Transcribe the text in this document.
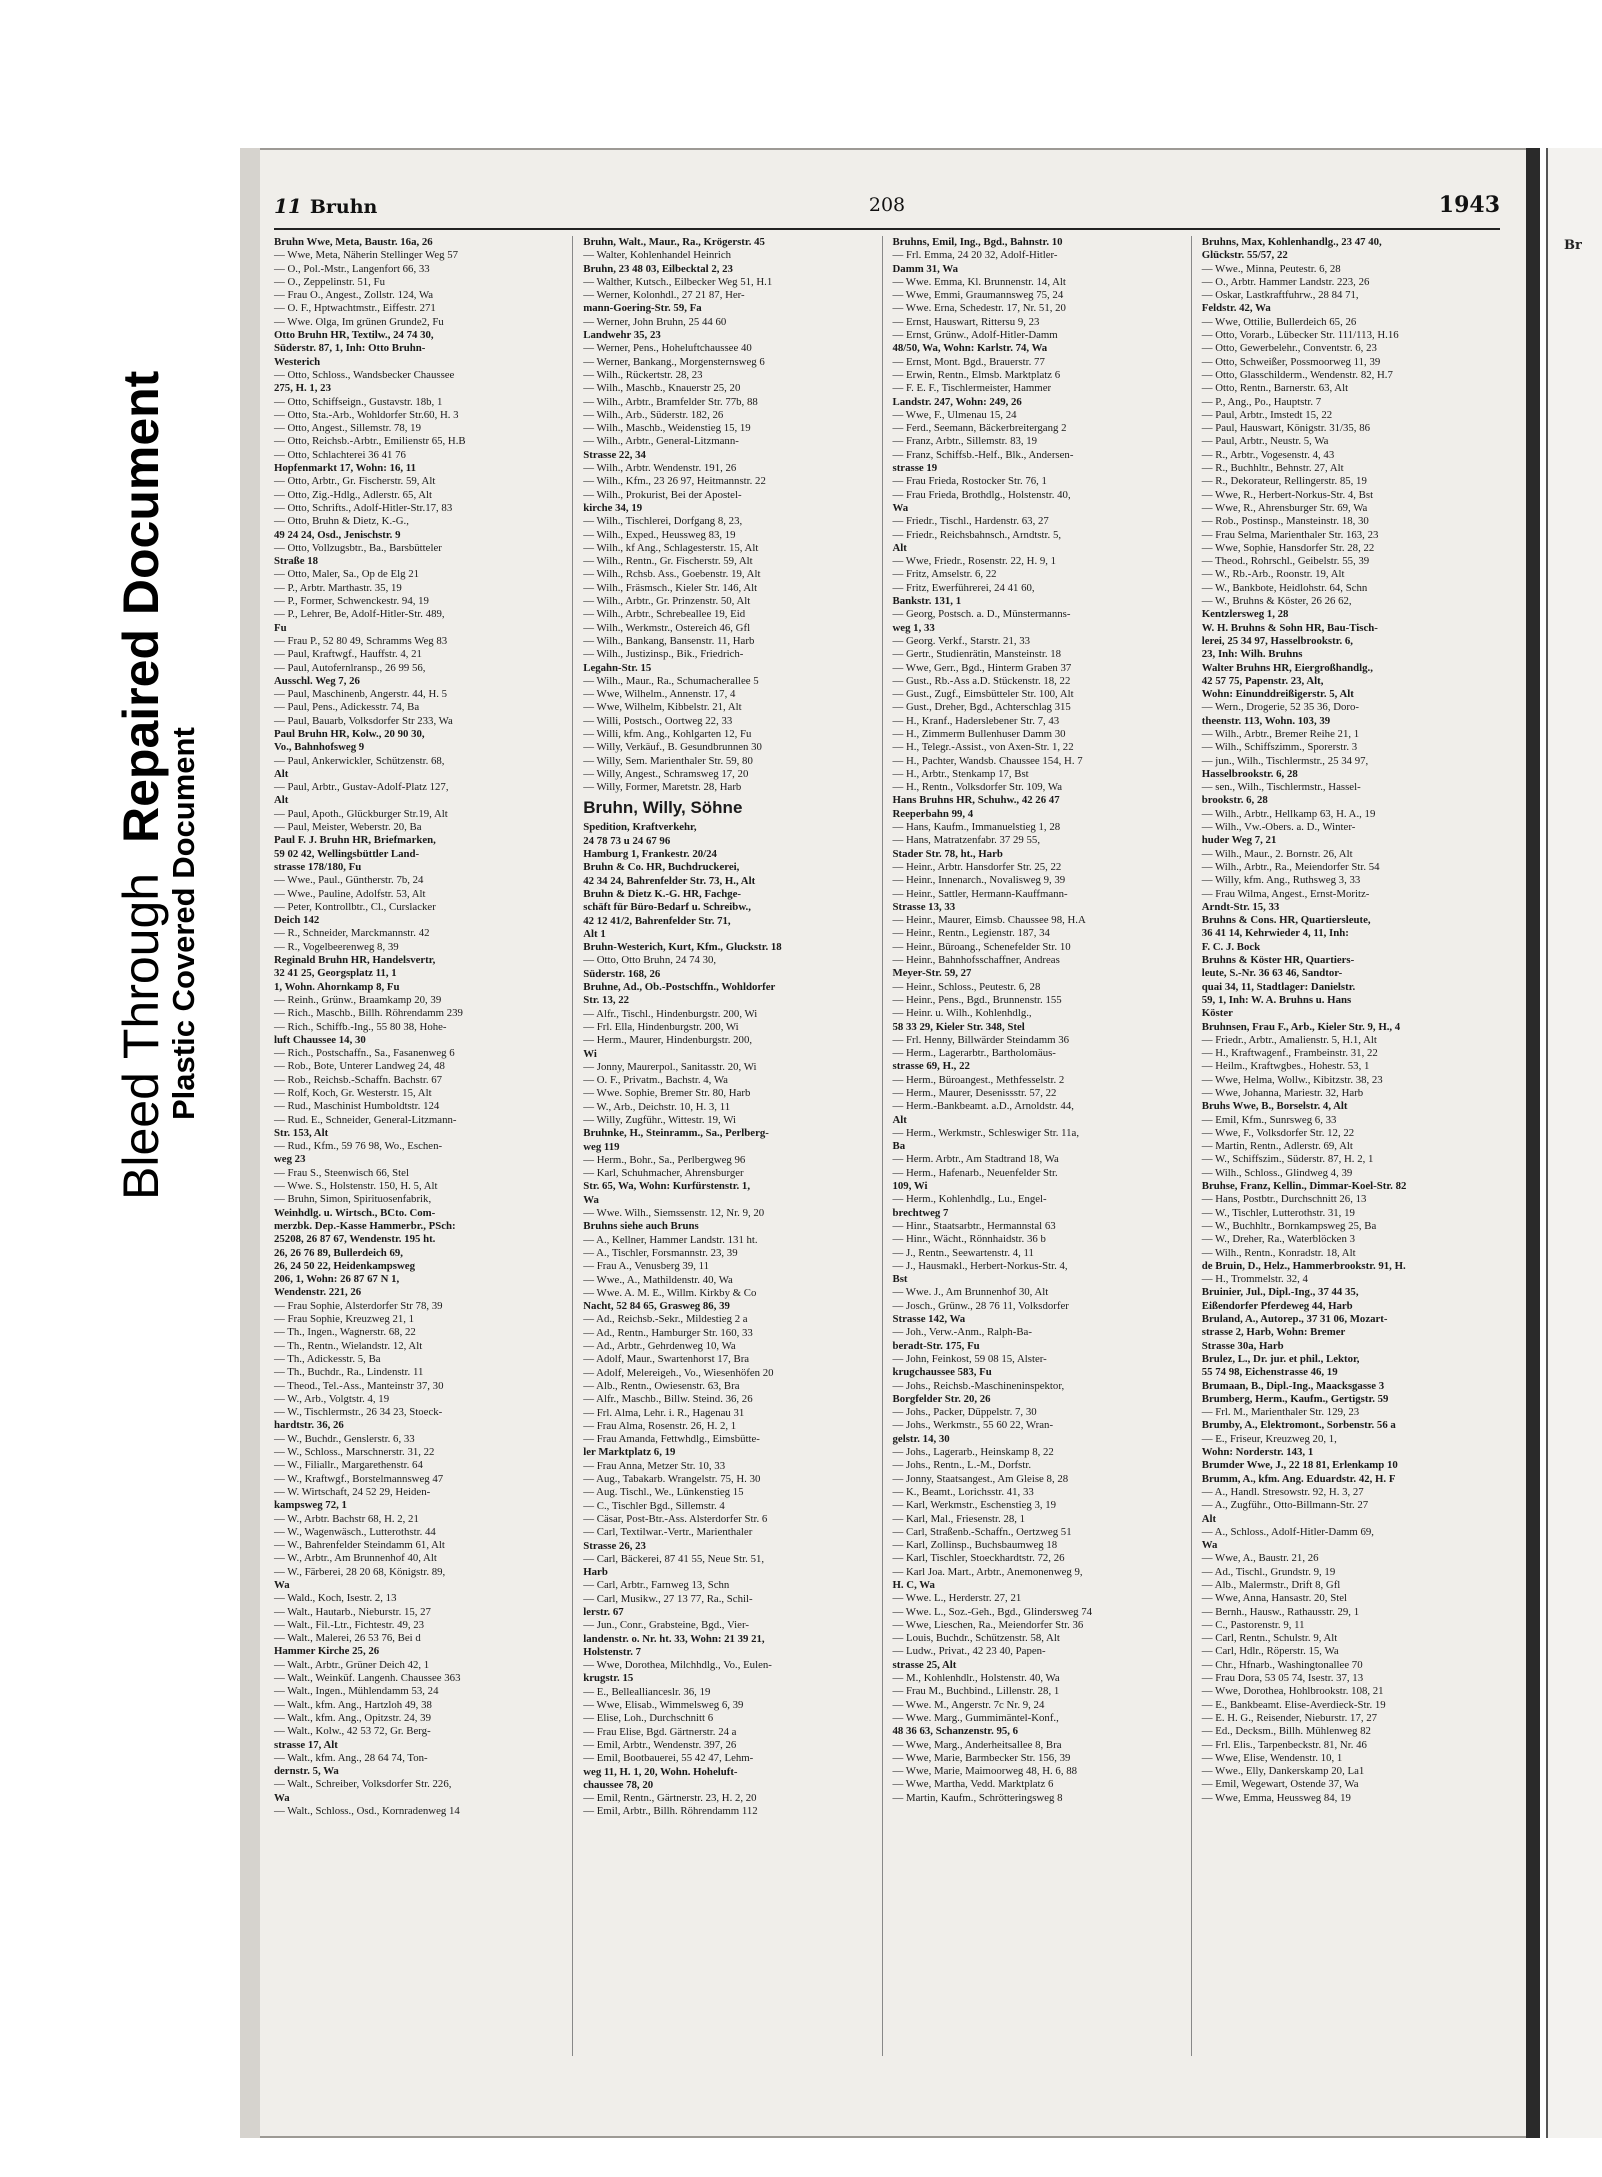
Bleed Through Repaired Document
Plastic Covered Document
11 Bruhn	208	1943
Bruhn Wwe, Meta, Baustr. 16a, 26
— Wwe, Meta, Näherin Stellinger Weg 57
— O., Pol.-Mstr., Langenfort 66, 33
— O., Zeppelinstr. 51, Fu
— Frau O., Angest., Zollstr. 124, Wa
— O. F., Hptwachtmstr., Eiffestr. 271
— Wwe. Olga, Im grünen Grunde2, Fu
Otto Bruhn HR, Textilw., 24 74 30,
Süderstr. 87, 1, Inh: Otto Bruhn-
Westerich
— Otto, Schloss., Wandsbecker Chaussee
275, H. 1, 23
— Otto, Schiffseign., Gustavstr. 18b, 1
— Otto, Sta.-Arb., Wohldorfer Str.60, H. 3
— Otto, Angest., Sillemstr. 78, 19
— Otto, Reichsb.-Arbtr., Emilienstr 65, H.B
— Otto, Schlachterei 36 41 76
Hopfenmarkt 17, Wohn: 16, 11
— Otto, Arbtr., Gr. Fischerstr. 59, Alt
— Otto, Zig.-Hdlg., Adlerstr. 65, Alt
— Otto, Schrifts., Adolf-Hitler-Str.17, 83
— Otto, Bruhn & Dietz, K.-G.,
49 24 24, Osd., Jenischstr. 9
— Otto, Vollzugsbtr., Ba., Barsbütteler
Straße 18
— Otto, Maler, Sa., Op de Elg 21
— P., Arbtr. Marthastr. 35, 19
— P., Former, Schwenckestr. 94, 19
— P., Lehrer, Be, Adolf-Hitler-Str. 489,
Fu
— Frau P., 52 80 49, Schramms Weg 83
— Paul, Kraftwgf., Hauffstr. 4, 21
— Paul, Autofernlransp., 26 99 56,
Ausschl. Weg 7, 26
— Paul, Maschinenb, Angerstr. 44, H. 5
— Paul, Pens., Adickesstr. 74, Ba
— Paul, Bauarb, Volksdorfer Str 233, Wa
Paul Bruhn HR, Kolw., 20 90 30,
Vo., Bahnhofsweg 9
— Paul, Ankerwickler, Schützenstr. 68,
Alt
— Paul, Arbtr., Gustav-Adolf-Platz 127,
Alt
— Paul, Apoth., Glückburger Str.19, Alt
— Paul, Meister, Weberstr. 20, Ba
Paul F. J. Bruhn HR, Briefmarken,
59 02 42, Wellingsbüttler Land-
strasse 178/180, Fu
— Wwe., Paul., Güntherstr. 7b, 24
— Wwe., Pauline, Adolfstr. 53, Alt
— Peter, Kontrollbtr., Cl., Curslacker
Deich 142
— R., Schneider, Marckmannstr. 42
— R., Vogelbeerenweg 8, 39
Reginald Bruhn HR, Handelsvertr,
32 41 25, Georgsplatz 11, 1
1, Wohn. Ahornkamp 8, Fu
— Reinh., Grünw., Braamkamp 20, 39
— Rich., Maschb., Billh. Röhrendamm 239
— Rich., Schiffb.-Ing., 55 80 38, Hohe-
luft Chaussee 14, 30
— Rich., Postschaffn., Sa., Fasanenweg 6
— Rob., Bote, Unterer Landweg 24, 48
— Rob., Reichsb.-Schaffn. Bachstr. 67
— Rolf, Koch, Gr. Westerstr. 15, Alt
— Rud., Maschinist Humboldtstr. 124
— Rud. E., Schneider, General-Litzmann-
Str. 153, Alt
— Rud., Kfm., 59 76 98, Wo., Eschen-
weg 23
— Frau S., Steenwisch 66, Stel
— Wwe. S., Holstenstr. 150, H. 5, Alt
— Bruhn, Simon, Spirituosenfabrik,
Weinhdlg. u. Wirtsch., BCto. Com-
merzbk. Dep.-Kasse Hammerbr., PSch:
25208, 26 87 67, Wendenstr. 195 ht.
26, 26 76 89, Bullerdeich 69,
26, 24 50 22, Heidenkampsweg
206, 1, Wohn: 26 87 67 N 1,
Wendenstr. 221, 26
— Frau Sophie, Alsterdorfer Str 78, 39
— Frau Sophie, Kreuzweg 21, 1
— Th., Ingen., Wagnerstr. 68, 22
— Th., Rentn., Wielandstr. 12, Alt
— Th., Adickesstr. 5, Ba
— Th., Buchdr., Ra., Lindenstr. 11
— Theod., Tel.-Ass., Manteinstr 37, 30
— W., Arb., Volgtstr. 4, 19
— W., Tischlermstr., 26 34 23, Stoeck-
hardtstr. 36, 26
— W., Buchdr., Genslerstr. 6, 33
— W., Schloss., Marschnerstr. 31, 22
— W., Filiallr., Margarethenstr. 64
— W., Kraftwgf., Borstelmannsweg 47
— W. Wirtschaft, 24 52 29, Heiden-
kampsweg 72, 1
— W., Arbtr. Bachstr 68, H. 2, 21
— W., Wagenwäsch., Lutterothstr. 44
— W., Bahrenfelder Steindamm 61, Alt
— W., Arbtr., Am Brunnenhof 40, Alt
— W., Färberei, 28 20 68, Königstr. 89,
Wa
— Wald., Koch, Isestr. 2, 13
— Walt., Hautarb., Nieburstr. 15, 27
— Walt., Fil.-Ltr., Fichtestr. 49, 23
— Walt., Malerei, 26 53 76, Bei d
Hammer Kirche 25, 26
— Walt., Arbtr., Grüner Deich 42, 1
— Walt., Weinküf. Langenh. Chaussee 363
— Walt., Ingen., Mühlendamm 53, 24
— Walt., kfm. Ang., Hartzloh 49, 38
— Walt., kfm. Ang., Opitzstr. 24, 39
— Walt., Kolw., 42 53 72, Gr. Berg-
strasse 17, Alt
— Walt., kfm. Ang., 28 64 74, Ton-
dernstr. 5, Wa
— Walt., Schreiber, Volksdorfer Str. 226,
Wa
— Walt., Schloss., Osd., Kornradenweg 14
Bruhn, Walt., Maur., Ra., Krögerstr. 45
— Walter, Kohlenhandel Heinrich
Bruhn, 23 48 03, Eilbecktal 2, 23
— Walther, Kutsch., Eilbecker Weg 51, H.1
— Werner, Kolonhdl., 27 21 87, Her-
mann-Goering-Str. 59, Fa
— Werner, John Bruhn, 25 44 60
Landwehr 35, 23
— Werner, Pens., Hoheluftchaussee 40
— Werner, Bankang., Morgensternsweg 6
— Wilh., Rückertstr. 28, 23
— Wilh., Maschb., Knauerstr 25, 20
— Wilh., Arbtr., Bramfelder Str. 77b, 88
— Wilh., Arb., Süderstr. 182, 26
— Wilh., Maschb., Weidenstieg 15, 19
— Wilh., Arbtr., General-Litzmann-
Strasse 22, 34
— Wilh., Arbtr. Wendenstr. 191, 26
— Wilh., Kfm., 23 26 97, Heitmannstr. 22
— Wilh., Prokurist, Bei der Apostel-
kirche 34, 19
— Wilh., Tischlerei, Dorfgang 8, 23,
— Wilh., Exped., Heussweg 83, 19
— Wilh., kf Ang., Schlagesterstr. 15, Alt
— Wilh., Rentn., Gr. Fischerstr. 59, Alt
— Wilh., Rchsb. Ass., Goebenstr. 19, Alt
— Wilh., Fräsmsch., Kieler Str. 146, Alt
— Wilh., Arbtr., Gr. Prinzenstr. 50, Alt
— Wilh., Arbtr., Schrebeallee 19, Eid
— Wilh., Werkmstr., Ostereich 46, Gfl
— Wilh., Bankang, Bansenstr. 11, Harb
— Wilh., Justizinsp., Bik., Friedrich-
Legahn-Str. 15
— Wilh., Maur., Ra., Schumacherallee 5
— Wwe, Wilhelm., Annenstr. 17, 4
— Wwe, Wilhelm, Kibbelstr. 21, Alt
— Willi, Postsch., Oortweg 22, 33
— Willi, kfm. Ang., Kohlgarten 12, Fu
— Willy, Verkäuf., B. Gesundbrunnen 30
— Willy, Sem. Marienthaler Str. 59, 80
— Willy, Angest., Schramsweg 17, 20
— Willy, Former, Maretstr. 28, Harb
Bruhn, Willy, Söhne
Spedition, Kraftverkehr,
24 78 73 u 24 67 96
Hamburg 1, Frankestr. 20/24
Bruhn & Co. HR, Buchdruckerei,
42 34 24, Bahrenfelder Str. 73, H., Alt
Bruhn & Dietz K.-G. HR, Fachge-
schäft für Büro-Bedarf u. Schreibw.,
42 12 41/2, Bahrenfelder Str. 71,
Alt 1
Bruhn-Westerich, Kurt, Kfm., Gluckstr. 18
— Otto, Otto Bruhn, 24 74 30,
Süderstr. 168, 26
Bruhne, Ad., Ob.-Postschffn., Wohldorfer
Str. 13, 22
— Alfr., Tischl., Hindenburgstr. 200, Wi
— Frl. Ella, Hindenburgstr. 200, Wi
— Herm., Maurer, Hindenburgstr. 200,
Wi
— Jonny, Maurerpol., Sanitasstr. 20, Wi
— O. F., Privatm., Bachstr. 4, Wa
— Wwe. Sophie, Bremer Str. 80, Harb
— W., Arb., Deichstr. 10, H. 3, 11
— Willy, Zugführ., Wittestr. 19, Wi
Bruhnke, H., Steinramm., Sa., Perlberg-
weg 119
— Herm., Bohr., Sa., Perlbergweg 96
— Karl, Schuhmacher, Ahrensburger
Str. 65, Wa, Wohn: Kurfürstenstr. 1,
Wa
— Wwe. Wilh., Siemssenstr. 12, Nr. 9, 20
Bruhns siehe auch Bruns
— A., Kellner, Hammer Landstr. 131 ht.
— A., Tischler, Forsmannstr. 23, 39
— Frau A., Venusberg 39, 11
— Wwe., A., Mathildenstr. 40, Wa
— Wwe. A. M. E., Willm. Kirkby & Co
Nacht, 52 84 65, Grasweg 86, 39
— Ad., Reichsb.-Sekr., Mildestieg 2 a
— Ad., Rentn., Hamburger Str. 160, 33
— Ad., Arbtr., Gehrdenweg 10, Wa
— Adolf, Maur., Swartenhorst 17, Bra
— Adolf, Melereigeh., Vo., Wiesenhöfen 20
— Alb., Rentn., Owiesenstr. 63, Bra
— Alfr., Maschb., Billw. Steind. 36, 26
— Frl. Alma, Lehr. i. R., Hagenau 31
— Frau Alma, Rosenstr. 26, H. 2, 1
— Frau Amanda, Fettwhdlg., Eimsbütte-
ler Marktplatz 6, 19
— Frau Anna, Metzer Str. 10, 33
— Aug., Tabakarb. Wrangelstr. 75, H. 30
— Aug. Tischl., We., Lünkenstieg 15
— C., Tischler Bgd., Sillemstr. 4
— Cäsar, Post-Btr.-Ass. Alsterdorfer Str. 6
— Carl, Textilwar.-Vertr., Marienthaler
Strasse 26, 23
— Carl, Bäckerei, 87 41 55, Neue Str. 51,
Harb
— Carl, Arbtr., Farnweg 13, Schn
— Carl, Musikw., 27 13 77, Ra., Schil-
lerstr. 67
— Jun., Conr., Grabsteine, Bgd., Vier-
landenstr. o. Nr. ht. 33, Wohn: 21 39 21,
Holstenstr. 7
— Wwe, Dorothea, Milchhdlg., Vo., Eulen-
krugstr. 15
— E., Belleallianceslr. 36, 19
— Wwe, Elisab., Wimmelsweg 6, 39
— Elise, Loh., Durchschnitt 6
— Frau Elise, Bgd. Gärtnerstr. 24 a
— Emil, Arbtr., Wendenstr. 397, 26
— Emil, Bootbauerei, 55 42 47, Lehm-
weg 11, H. 1, 20, Wohn. Hoheluft-
chaussee 78, 20
— Emil, Rentn., Gärtnerstr. 23, H. 2, 20
— Emil, Arbtr., Billh. Röhrendamm 112
Bruhns, Emil, Ing., Bgd., Bahnstr. 10
— Frl. Emma, 24 20 32, Adolf-Hitler-
Damm 31, Wa
— Wwe. Emma, Kl. Brunnenstr. 14, Alt
— Wwe, Emmi, Graumannsweg 75, 24
— Wwe. Erna, Schedestr. 17, Nr. 51, 20
— Ernst, Hauswart, Rittersu 9, 23
— Ernst, Grünw., Adolf-Hitler-Damm
48/50, Wa, Wohn: Karlstr. 74, Wa
— Ernst, Mont. Bgd., Brauerstr. 77
— Erwin, Rentn., Elmsb. Marktplatz 6
— F. E. F., Tischlermeister, Hammer
Landstr. 247, Wohn: 249, 26
— Wwe, F., Ulmenau 15, 24
— Ferd., Seemann, Bäckerbreitergang 2
— Franz, Arbtr., Sillemstr. 83, 19
— Franz, Schiffsb.-Helf., Blk., Andersen-
strasse 19
— Frau Frieda, Rostocker Str. 76, 1
— Frau Frieda, Brothdlg., Holstenstr. 40,
Wa
— Friedr., Tischl., Hardenstr. 63, 27
— Friedr., Reichsbahnsch., Arndtstr. 5,
Alt
— Wwe, Friedr., Rosenstr. 22, H. 9, 1
— Fritz, Amselstr. 6, 22
— Fritz, Ewerführerei, 24 41 60,
Bankstr. 131, 1
— Georg, Postsch. a. D., Münstermanns-
weg 1, 33
— Georg. Verkf., Starstr. 21, 33
— Gertr., Studienrätin, Mansteinstr. 18
— Wwe, Gerr., Bgd., Hinterm Graben 37
— Gust., Rb.-Ass a.D. Stückenstr. 18, 22
— Gust., Zugf., Eimsbütteler Str. 100, Alt
— Gust., Dreher, Bgd., Achterschlag 315
— H., Kranf., Haderslebener Str. 7, 43
— H., Zimmerm Bullenhuser Damm 30
— H., Telegr.-Assist., von Axen-Str. 1, 22
— H., Pachter, Wandsb. Chaussee 154, H. 7
— H., Arbtr., Stenkamp 17, Bst
— H., Rentn., Volksdorfer Str. 109, Wa
Hans Bruhns HR, Schuhw., 42 26 47
Reeperbahn 99, 4
— Hans, Kaufm., Immanuelstieg 1, 28
— Hans, Matratzenfabr. 37 29 55,
Stader Str. 78, ht., Harb
— Heinr., Arbtr. Hansdorfer Str. 25, 22
— Heinr., Innenarch., Novalisweg 9, 39
— Heinr., Sattler, Hermann-Kauffmann-
Strasse 13, 33
— Heinr., Maurer, Eimsb. Chaussee 98, H.A
— Heinr., Rentn., Legienstr. 187, 34
— Heinr., Büroang., Schenefelder Str. 10
— Heinr., Bahnhofsschaffner, Andreas
Meyer-Str. 59, 27
— Heinr., Schloss., Peutestr. 6, 28
— Heinr., Pens., Bgd., Brunnenstr. 155
— Heinr. u. Wilh., Kohlenhdlg.,
58 33 29, Kieler Str. 348, Stel
— Frl. Henny, Billwärder Steindamm 36
— Herm., Lagerarbtr., Bartholomäus-
strasse 69, H., 22
— Herm., Büroangest., Methfesselstr. 2
— Herm., Maurer, Desenissstr. 57, 22
— Herm.-Bankbeamt. a.D., Arnoldstr. 44,
Alt
— Herm., Werkmstr., Schleswiger Str. 11a,
Ba
— Herm. Arbtr., Am Stadtrand 18, Wa
— Herm., Hafenarb., Neuenfelder Str.
109, Wi
— Herm., Kohlenhdlg., Lu., Engel-
brechtweg 7
— Hinr., Staatsarbtr., Hermannstal 63
— Hinr., Wächt., Rönnhaidstr. 36 b
— J., Rentn., Seewartenstr. 4, 11
— J., Hausmakl., Herbert-Norkus-Str. 4,
Bst
— Wwe. J., Am Brunnenhof 30, Alt
— Josch., Grünw., 28 76 11, Volksdorfer
Strasse 142, Wa
— Joh., Verw.-Anm., Ralph-Ba-
beradt-Str. 175, Fu
— John, Feinkost, 59 08 15, Alster-
krugchaussee 583, Fu
— Johs., Reichsb.-Maschineninspektor,
Borgfelder Str. 20, 26
— Johs., Packer, Düppelstr. 7, 30
— Johs., Werkmstr., 55 60 22, Wran-
gelstr. 14, 30
— Johs., Lagerarb., Heinskamp 8, 22
— Johs., Rentn., L.-M., Dorfstr.
— Jonny, Staatsangest., Am Gleise 8, 28
— K., Beamt., Lorichsstr. 41, 33
— Karl, Werkmstr., Eschenstieg 3, 19
— Karl, Mal., Friesenstr. 28, 1
— Carl, Straßenb.-Schaffn., Oertzweg 51
— Karl, Zollinsp., Buchsbaumweg 18
— Karl, Tischler, Stoeckhardtstr. 72, 26
— Karl Joa. Mart., Arbtr., Anemonenweg 9,
H. C, Wa
— Wwe. L., Herderstr. 27, 21
— Wwe. L., Soz.-Geh., Bgd., Glindersweg 74
— Wwe, Lieschen, Ra., Meiendorfer Str. 36
— Louis, Buchdr., Schützenstr. 58, Alt
— Ludw., Privat., 42 23 40, Papen-
strasse 25, Alt
— M., Kohlenhdlr., Holstenstr. 40, Wa
— Frau M., Buchbind., Lillenstr. 28, 1
— Wwe. M., Angerstr. 7c Nr. 9, 24
— Wwe. Marg., Gummimäntel-Konf.,
48 36 63, Schanzenstr. 95, 6
— Wwe, Marg., Anderheitsallee 8, Bra
— Wwe, Marie, Barmbecker Str. 156, 39
— Wwe, Marie, Maimoorweg 48, H. 6, 88
— Wwe, Martha, Vedd. Marktplatz 6
— Martin, Kaufm., Schrötteringsweg 8
Bruhns, Max, Kohlenhandlg., 23 47 40,
Glückstr. 55/57, 22
— Wwe., Minna, Peutestr. 6, 28
— O., Arbtr. Hammer Landstr. 223, 26
— Oskar, Lastkraftfuhrw., 28 84 71,
Feldstr. 42, Wa
— Wwe, Ottilie, Bullerdeich 65, 26
— Otto, Vorarb., Lübecker Str. 111/113, H.16
— Otto, Gewerbelehr., Conventstr. 6, 23
— Otto, Schweißer, Possmoorweg 11, 39
— Otto, Glasschilderm., Wendenstr. 82, H.7
— Otto, Rentn., Barnerstr. 63, Alt
— P., Ang., Po., Hauptstr. 7
— Paul, Arbtr., Imstedt 15, 22
— Paul, Hauswart, Königstr. 31/35, 86
— Paul, Arbtr., Neustr. 5, Wa
— R., Arbtr., Vogesenstr. 4, 43
— R., Buchhltr., Behnstr. 27, Alt
— R., Dekorateur, Rellingerstr. 85, 19
— Wwe, R., Herbert-Norkus-Str. 4, Bst
— Wwe, R., Ahrensburger Str. 69, Wa
— Rob., Postinsp., Mansteinstr. 18, 30
— Frau Selma, Marienthaler Str. 163, 23
— Wwe, Sophie, Hansdorfer Str. 28, 22
— Theod., Rohrschl., Geibelstr. 55, 39
— W., Rb.-Arb., Roonstr. 19, Alt
— W., Bankbote, Heidlohstr. 64, Schn
— W., Bruhns & Köster, 26 26 62,
Kentzlersweg 1, 28
W. H. Bruhns & Sohn HR, Bau-Tisch-
lerei, 25 34 97, Hasselbrookstr. 6,
23, Inh: Wilh. Bruhns
Walter Bruhns HR, Eiergroßhandlg.,
42 57 75, Papenstr. 23, Alt,
Wohn: Einunddreißigerstr. 5, Alt
— Wern., Drogerie, 52 35 36, Doro-
theenstr. 113, Wohn. 103, 39
— Wilh., Arbtr., Bremer Reihe 21, 1
— Wilh., Schiffszimm., Sporerstr. 3
— jun., Wilh., Tischlermstr., 25 34 97,
Hasselbrookstr. 6, 28
— sen., Wilh., Tischlermstr., Hassel-
brookstr. 6, 28
— Wilh., Arbtr., Hellkamp 63, H. A., 19
— Wilh., Vw.-Obers. a. D., Winter-
huder Weg 7, 21
— Wilh., Maur., 2. Bornstr. 26, Alt
— Wilh., Arbtr., Ra., Meiendorfer Str. 54
— Willy, kfm. Ang., Ruthsweg 3, 33
— Frau Wilma, Angest., Ernst-Moritz-
Arndt-Str. 15, 33
Bruhns & Cons. HR, Quartiersleute,
36 41 14, Kehrwieder 4, 11, Inh:
F. C. J. Bock
Bruhns & Köster HR, Quartiers-
leute, S.-Nr. 36 63 46, Sandtor-
quai 34, 11, Stadtlager: Danielstr.
59, 1, Inh: W. A. Bruhns u. Hans
Köster
Bruhnsen, Frau F., Arb., Kieler Str. 9, H., 4
— Friedr., Arbtr., Amalienstr. 5, H.1, Alt
— H., Kraftwagenf., Frambeinstr. 31, 22
— Heilm., Kraftwgbes., Hohestr. 53, 1
— Wwe, Helma, Wollw., Kibitzstr. 38, 23
— Wwe, Johanna, Mariestr. 32, Harb
Bruhs Wwe, B., Borselstr. 4, Alt
— Emil, Kfm., Sunrsweg 6, 33
— Wwe, F., Volksdorfer Str. 12, 22
— Martin, Rentn., Adlerstr. 69, Alt
— W., Schiffszim., Süderstr. 87, H. 2, 1
— Wilh., Schloss., Glindweg 4, 39
Bruhse, Franz, Kellin., Dimmar-Koel-Str. 82
— Hans, Postbtr., Durchschnitt 26, 13
— W., Tischler, Lutterothstr. 31, 19
— W., Buchhltr., Bornkampsweg 25, Ba
— W., Dreher, Ra., Waterblöcken 3
— Wilh., Rentn., Konradstr. 18, Alt
de Bruin, D., Helz., Hammerbrookstr. 91, H.
— H., Trommelstr. 32, 4
Bruinier, Jul., Dipl.-Ing., 37 44 35,
Eißendorfer Pferdeweg 44, Harb
Bruland, A., Autorep., 37 31 06, Mozart-
strasse 2, Harb, Wohn: Bremer
Strasse 30a, Harb
Brulez, L., Dr. jur. et phil., Lektor,
55 74 98, Eichenstrasse 46, 19
Brumaan, B., Dipl.-Ing., Maacksgasse 3
Brumberg, Herm., Kaufm., Gertigstr. 59
— Frl. M., Marienthaler Str. 129, 23
Brumby, A., Elektromont., Sorbenstr. 56 a
— E., Friseur, Kreuzweg 20, 1,
Wohn: Norderstr. 143, 1
Brumder Wwe, J., 22 18 81, Erlenkamp 10
Brumm, A., kfm. Ang. Eduardstr. 42, H. F
— A., Handl. Stresowstr. 92, H. 3, 27
— A., Zugführ., Otto-Billmann-Str. 27
Alt
— A., Schloss., Adolf-Hitler-Damm 69,
Wa
— Wwe, A., Baustr. 21, 26
— Ad., Tischl., Grundstr. 9, 19
— Alb., Malermstr., Drift 8, Gfl
— Wwe, Anna, Hansastr. 20, Stel
— Bernh., Hausw., Rathausstr. 29, 1
— C., Pastorenstr. 9, 11
— Carl, Rentn., Schulstr. 9, Alt
— Carl, Hdlr., Röperstr. 15, Wa
— Chr., Hfnarb., Washingtonallee 70
— Frau Dora, 53 05 74, Isestr. 37, 13
— Wwe, Dorothea, Hohlbrookstr. 108, 21
— E., Bankbeamt. Elise-Averdieck-Str. 19
— E. H. G., Reisender, Nieburstr. 17, 27
— Ed., Decksm., Billh. Mühlenweg 82
— Frl. Elis., Tarpenbeckstr. 81, Nr. 46
— Wwe, Elise, Wendenstr. 10, 1
— Wwe., Elly, Dankerskamp 20, La1
— Emil, Wegewart, Ostende 37, Wa
— Wwe, Emma, Heussweg 84, 19
Br
